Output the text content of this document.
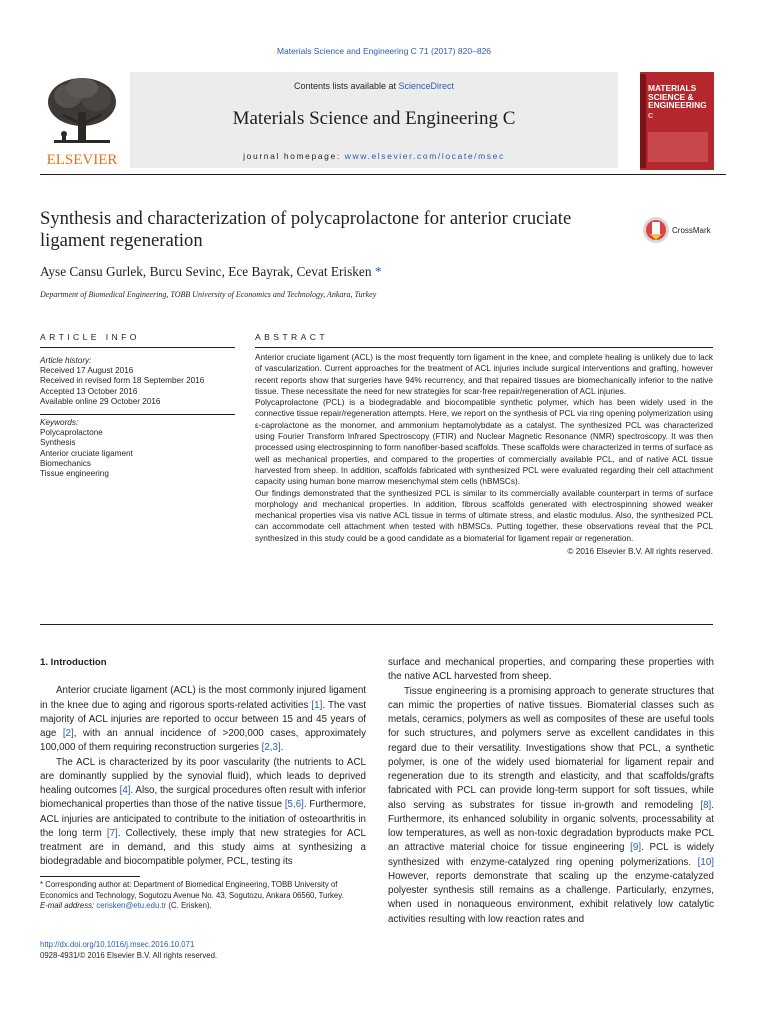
Materials Science and Engineering C 71 (2017) 820–826
ELSEVIER
Contents lists available at ScienceDirect
Materials Science and Engineering C
journal homepage: www.elsevier.com/locate/msec
MATERIALS
SCIENCE &
ENGINEERING
C
Synthesis and characterization of polycaprolactone for anterior cruciate
ligament regeneration	CrossMark
Ayse Cansu Gurlek, Burcu Sevinc, Ece Bayrak, Cevat Erisken *
Department of Biomedical Engineering, TOBB University of Economics and Technology, Ankara, Turkey
ARTICLE INFO	ABSTRACT
Article history:
Received 17 August 2016
Received in revised form 18 September 2016
Accepted 13 October 2016
Available online 29 October 2016
Keywords:
Polycaprolactone
Synthesis
Anterior cruciate ligament
Biomechanics
Tissue engineering

Anterior cruciate ligament (ACL) is the most frequently torn ligament in the knee, and complete healing is unlikely due to lack of vascularization. Current approaches for the treatment of ACL injuries include surgical interventions and grafting, however recent reports show that surgeries have 94% recurrency, and that repaired tissues are biomechanically inferior to the native tissue. These necessitate the need for new strategies for scar-free repair/regeneration of ACL injuries.

Polycaprolactone (PCL) is a biodegradable and biocompatible synthetic polymer, which has been widely used in the connective tissue repair/regeneration attempts. Here, we report on the synthesis of PCL via ring opening polymerization using ε-caprolactone as the monomer, and ammonium heptamolybdate as a catalyst. The synthesized PCL was characterized using Fourier Transform Infrared Spectroscopy (FTIR) and Nuclear Magnetic Resonance (NMR) spectroscopy. It was then processed using electrospinning to form nanofiber-based scaffolds. These scaffolds were characterized in terms of surface as well as mechanical properties, and compared to the properties of commercially available PCL, and of native ACL tissue harvested from sheep. In addition, scaffolds fabricated with synthesized PCL were evaluated regarding their cell attachment capacity using human bone marrow mesenchymal stem cells (hBMSCs).

Our findings demonstrated that the synthesized PCL is similar to its commercially available counterpart in terms of surface morphology and mechanical properties. In addition, fibrous scaffolds generated with electrospinning showed weaker mechanical properties visa vis native ACL tissue in terms of ultimate stress, and elastic modulus. Also, the synthesized PCL can accommodate cell attachment when tested with hBMSCs. Putting together, these observations reveal that the PCL synthesized in this study could be a good candidate as a biomaterial for ligament repair or regeneration.

© 2016 Elsevier B.V. All rights reserved.

1. Introduction

Anterior cruciate ligament (ACL) is the most commonly injured ligament in the knee due to aging and rigorous sports-related activities [1]. The vast majority of ACL injuries are reported to occur between 15 and 45 years of age [2], with an annual incidence of >200,000 cases, approximately 100,000 of them requiring reconstruction surgeries [2,3].

The ACL is characterized by its poor vascularity (the nutrients to ACL are dominantly supplied by the synovial fluid), which leads to deprived healing outcomes [4]. Also, the surgical procedures often result with inferior biomechanical properties than those of the native tissue [5,6]. Furthermore, ACL injuries are anticipated to contribute to the initiation of osteoarthritis in the long term [7]. Collectively, these imply that new strategies for ACL treatment are in demand, and this study aims at synthesizing a biodegradable and biocompatible polymer, PCL, testing its

surface and mechanical properties, and comparing these properties with the native ACL harvested from sheep.

Tissue engineering is a promising approach to generate structures that can mimic the properties of native tissues. Biomaterial classes such as metals, ceramics, polymers as well as composites of these are useful tools for such structures, and polymers serve as excellent candidates in this regard due to their versatility. Investigations show that PCL, a synthetic polymer, is one of the widely used biomaterial for ligament repair and regeneration due to its strength and elasticity, and that scaffolds/grafts fabricated with PCL can provide long-term support for soft tissues, while also serving as substrates for tissue in-growth and remodeling [8]. Furthermore, its enhanced solubility in organic solvents, processability at low temperatures, as well as non-toxic degradation byproducts make PCL an attractive material choice for tissue engineering [9]. PCL is widely synthesized with enzyme-catalyzed ring opening polymerizations. [10] However, reports demonstrate that scaling up the enzyme-catalyzed polyester synthesis still remains as a challenge. Particularly, enzymes, when used in nonaqueous environment, exhibit relatively low catalytic activities resulting with low reaction rates and

* Corresponding author at: Department of Biomedical Engineering, TOBB University of Economics and Technology, Sogutozu Avenue No. 43, Sogutozu, Ankara 06560, Turkey.

E-mail address: cerisken@etu.edu.tr (C. Erisken).

http://dx.doi.org/10.1016/j.msec.2016.10.071
0928-4931/© 2016 Elsevier B.V. All rights reserved.
